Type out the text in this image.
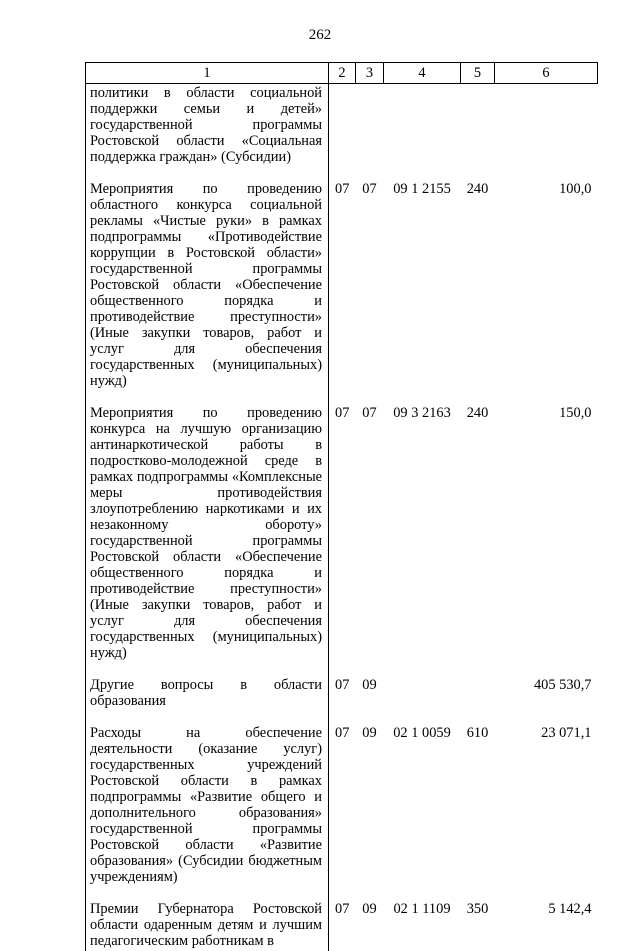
262
1	2	3	4	5	6
политики в области социальной поддержки семьи и детей» государственной программы Ростовской области «Социальная поддержка граждан» (Субсидии)					
Мероприятия по проведению областного конкурса социальной рекламы «Чистые руки» в рамках подпрограммы «Противодействие коррупции в Ростовской области» государственной программы Ростовской области «Обеспечение общественного порядка и противодействие преступности» (Иные закупки товаров, работ и услуг для обеспечения государственных (муниципальных) нужд)	07	07	09 1 2155	240	100,0
Мероприятия по проведению конкурса на лучшую организацию антинаркотической работы в подростково-молодежной среде в рамках подпрограммы «Комплексные меры противодействия злоупотреблению наркотиками и их незаконному обороту» государственной программы Ростовской области «Обеспечение общественного порядка и противодействие преступности» (Иные закупки товаров, работ и услуг для обеспечения государственных (муниципальных) нужд)	07	07	09 3 2163	240	150,0
Другие вопросы в области образования	07	09			405 530,7
Расходы на обеспечение деятельности (оказание услуг) государственных учреждений Ростовской области в рамках подпрограммы «Развитие общего и дополнительного образования» государственной программы Ростовской области «Развитие образования» (Субсидии бюджетным учреждениям)	07	09	02 1 0059	610	23 071,1
Премии Губернатора Ростовской области одаренным детям и лучшим педагогическим работникам в	07	09	02 1 1109	350	5 142,4
